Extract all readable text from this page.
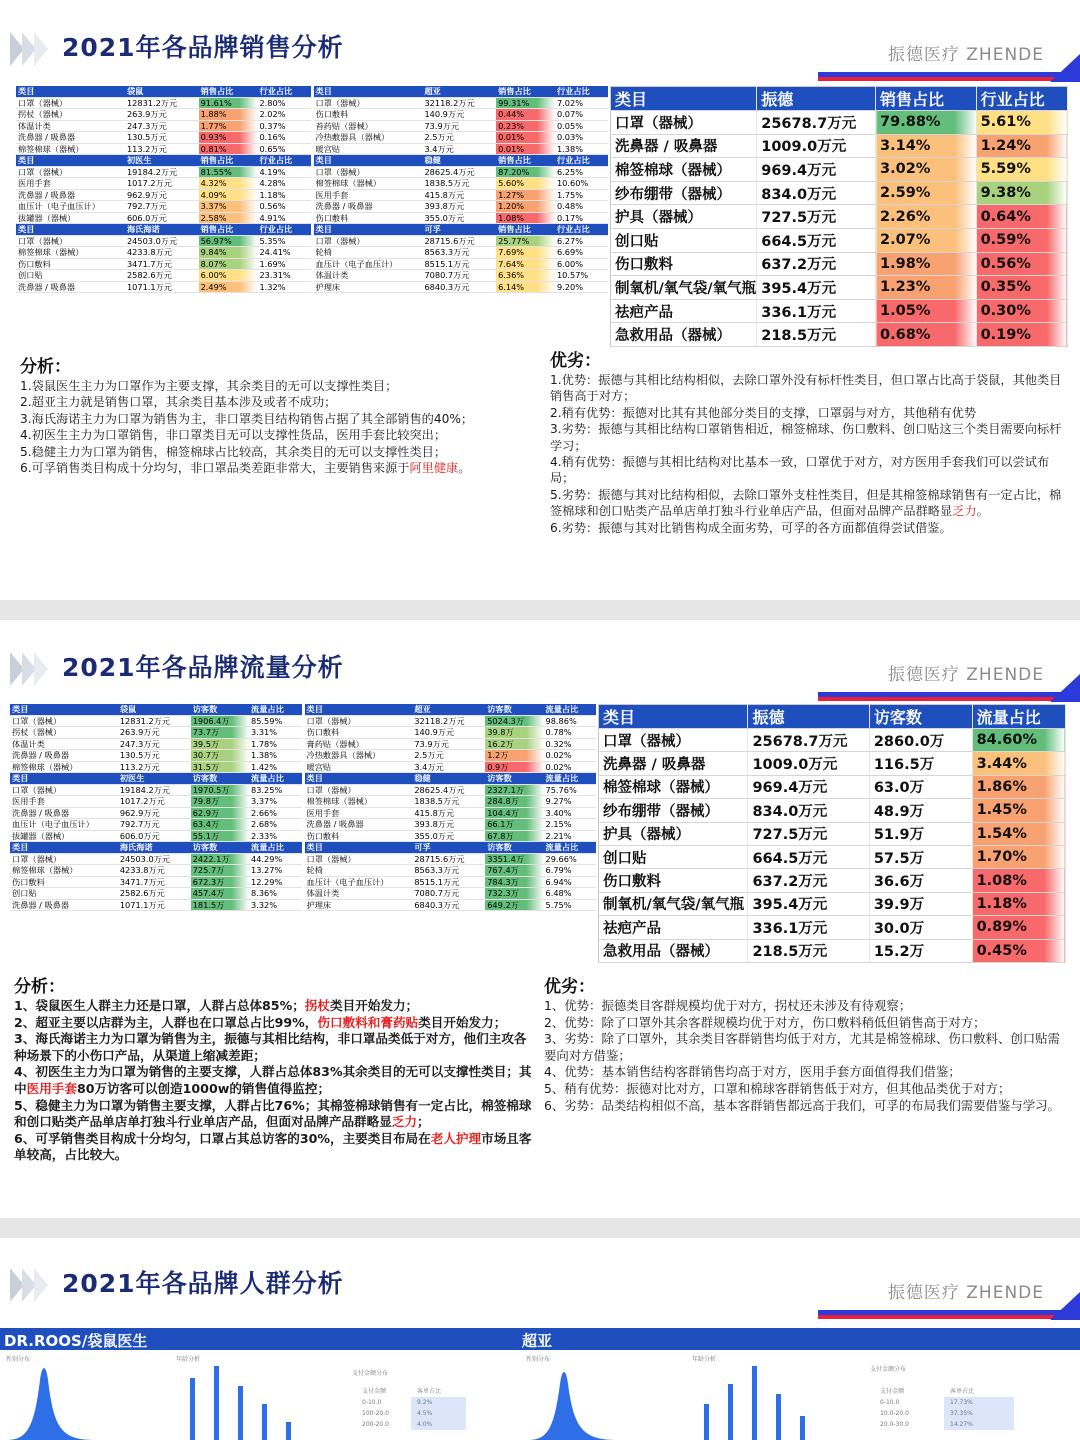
2021年各品牌销售分析	振德医疗 ZHENDE
类目	袋鼠	销售占比	行业占比
口罩（器械）	12831.2万元	91.61%	2.80%
拐杖（器械）	263.9万元	1.88%	2.02%
体温计类	247.3万元	1.77%	0.37%
洗鼻器 / 吸鼻器	130.5万元	0.93%	0.16%
棉签棉球（器械）	113.2万元	0.81%	0.65%
类目	超亚	销售占比	行业占比
口罩（器械）	32118.2万元	99.31%	7.02%
伤口敷料	140.9万元	0.44%	0.07%
苔药贴（器械）	73.9万元	0.23%	0.05%
冷热敷器具（器械）	2.5万元	0.01%	0.03%
暖宫贴	3.4万元	0.01%	1.38%
类目	初医生	销售占比	行业占比
口罩（器械）	19184.2万元	81.55%	4.19%
医用手套	1017.2万元	4.32%	4.28%
洗鼻器 / 吸鼻器	962.9万元	4.09%	1.18%
血压计（电子血压计）	792.7万元	3.37%	0.56%
拔罐器（器械）	606.0万元	2.58%	4.91%
类目	稳健	销售占比	行业占比
口罩（器械）	28625.4万元	87.20%	6.25%
棉签棉球（器械）	1838.5万元	5.60%	10.60%
医用手套	415.8万元	1.27%	1.75%
洗鼻器 / 吸鼻器	393.8万元	1.20%	0.48%
伤口敷料	355.0万元	1.08%	0.17%
类目	海氏海诺	销售占比	行业占比
口罩（器械）	24503.0万元	56.97%	5.35%
棉签棉球（器械）	4233.8万元	9.84%	24.41%
伤口敷料	3471.7万元	8.07%	1.69%
创口贴	2582.6万元	6.00%	23.31%
洗鼻器 / 吸鼻器	1071.1万元	2.49%	1.32%
类目	可孚	销售占比	行业占比
口罩（器械）	28715.6万元	25.77%	6.27%
轮椅	8563.3万元	7.69%	6.69%
血压计（电子血压计）	8515.1万元	7.64%	6.00%
体温计类	7080.7万元	6.36%	10.57%
护理床	6840.3万元	6.14%	9.20%
类目	振德	销售占比	行业占比
口罩（器械）	25678.7万元	79.88%	5.61%
洗鼻器 / 吸鼻器	1009.0万元	3.14%	1.24%
棉签棉球（器械）	969.4万元	3.02%	5.59%
纱布绷带（器械）	834.0万元	2.59%	9.38%
护具（器械）	727.5万元	2.26%	0.64%
创口贴	664.5万元	2.07%	0.59%
伤口敷料	637.2万元	1.98%	0.56%
制氧机/氧气袋/氧气瓶	395.4万元	1.23%	0.35%
祛疤产品	336.1万元	1.05%	0.30%
急救用品（器械）	218.5万元	0.68%	0.19%
分析：

1.袋鼠医生主力为口罩作为主要支撑，其余类目的无可以支撑性类目；

2.超亚主力就是销售口罩，其余类目基本涉及或者不成功；

3.海氏海诺主力为口罩为销售为主，非口罩类目结构销售占据了其全部销售的40%；

4.初医生主力为口罩销售，非口罩类目无可以支撑性货品，医用手套比较突出；

5.稳健主力为口罩为销售，棉签棉球占比较高，其余类目的无可以支撑性类目；

6.可孚销售类目构成十分均匀，非口罩品类差距非常大，主要销售来源于阿里健康。

优劣：

1.优势：振德与其相比结构相似，去除口罩外没有标杆性类目，但口罩占比高于袋鼠，其他类目销售高于对方；

2.稍有优势：振德对比其有其他部分类目的支撑，口罩弱与对方，其他稍有优势

3.劣势：振德与其相比结构口罩销售相近，棉签棉球、伤口敷料、创口贴这三个类目需要向标杆学习；

4.稍有优势：振德与其相比结构对比基本一致，口罩优于对方，对方医用手套我们可以尝试布局；

5.劣势：振德与其对比结构相似，去除口罩外支柱性类目，但是其棉签棉球销售有一定占比，棉签棉球和创口贴类产品单店单打独斗行业单店产品，但面对品牌产品群略显乏力。

6.劣势：振德与其对比销售构成全面劣势，可孚的各方面都值得尝试借鉴。

2021年各品牌流量分析	振德医疗 ZHENDE
类目	袋鼠	访客数	流量占比
口罩（器械）	12831.2万元	1906.4万	85.59%
拐杖（器械）	263.9万元	73.7万	3.31%
体温计类	247.3万元	39.5万	1.78%
洗鼻器 / 吸鼻器	130.5万元	30.7万	1.38%
棉签棉球（器械）	113.2万元	31.5万	1.42%
类目	超亚	访客数	流量占比
口罩（器械）	32118.2万元	5024.3万	98.86%
伤口敷料	140.9万元	39.8万	0.78%
膏药贴（器械）	73.9万元	16.2万	0.32%
冷热敷器具（器械）	2.5万元	1.2万	0.02%
暖宫贴	3.4万元	0.9万	0.02%
类目	初医生	访客数	流量占比
口罩（器械）	19184.2万元	1970.5万	83.25%
医用手套	1017.2万元	79.8万	3.37%
洗鼻器 / 吸鼻器	962.9万元	62.9万	2.66%
血压计（电子血压计）	792.7万元	63.4万	2.68%
拔罐器（器械）	606.0万元	55.1万	2.33%
类目	稳健	访客数	流量占比
口罩（器械）	28625.4万元	2327.1万	75.76%
棉签棉球（器械）	1838.5万元	284.8万	9.27%
医用手套	415.8万元	104.4万	3.40%
洗鼻器 / 吸鼻器	393.8万元	66.1万	2.15%
伤口敷料	355.0万元	67.8万	2.21%
类目	海氏海诺	访客数	流量占比
口罩（器械）	24503.0万元	2422.1万	44.29%
棉签棉球（器械）	4233.8万元	725.7万	13.27%
伤口敷料	3471.7万元	672.3万	12.29%
创口贴	2582.6万元	457.4万	8.36%
洗鼻器 / 吸鼻器	1071.1万元	181.5万	3.32%
类目	可孚	访客数	流量占比
口罩（器械）	28715.6万元	3351.4万	29.66%
轮椅	8563.3万元	767.4万	6.79%
血压计（电子血压计）	8515.1万元	784.3万	6.94%
体温计类	7080.7万元	732.3万	6.48%
护理床	6840.3万元	649.2万	5.75%
类目	振德	访客数	流量占比
口罩（器械）	25678.7万元	2860.0万	84.60%
洗鼻器 / 吸鼻器	1009.0万元	116.5万	3.44%
棉签棉球（器械）	969.4万元	63.0万	1.86%
纱布绷带（器械）	834.0万元	48.9万	1.45%
护具（器械）	727.5万元	51.9万	1.54%
创口贴	664.5万元	57.5万	1.70%
伤口敷料	637.2万元	36.6万	1.08%
制氧机/氧气袋/氧气瓶	395.4万元	39.9万	1.18%
祛疤产品	336.1万元	30.0万	0.89%
急救用品（器械）	218.5万元	15.2万	0.45%
分析：

1、袋鼠医生人群主力还是口罩，人群占总体85%；拐杖类目开始发力；

2、超亚主要以店群为主，人群也在口罩总占比99%，伤口敷料和膏药贴类目开始发力；

3、海氏海诺主力为口罩为销售为主，振德与其相比结构，非口罩品类低于对方，他们主攻各种场景下的小伤口产品，从渠道上缩减差距；

4、初医生主力为口罩为销售的主要支撑，人群占总体83%其余类目的无可以支撑性类目；其中医用手套80万访客可以创造1000w的销售值得监控；

5、稳健主力为口罩为销售主要支撑，人群占比76%；其棉签棉球销售有一定占比，棉签棉球和创口贴类产品单店单打独斗行业单店产品，但面对品牌产品群略显乏力；

6、可孚销售类目构成十分均匀，口罩占其总访客的30%，主要类目布局在老人护理市场且客单较高，占比较大。

优劣：

1、优势：振德类目客群规模均优于对方，拐杖还未涉及有待观察；

2、优势：除了口罩外其余客群规模均优于对方，伤口敷料稍低但销售高于对方；

3、劣势：除了口罩外，其余类目客群销售均低于对方，尤其是棉签棉球、伤口敷料、创口贴需要向对方借鉴；

4、优势：基本销售结构客群销售均高于对方，医用手套方面值得我们借鉴；

5、稍有优势：振德对比对方，口罩和棉球客群销售低于对方，但其他品类优于对方；

6、劣势：品类结构相似不高，基本客群销售都远高于我们，可孚的布局我们需要借鉴与学习。

2021年各品牌人群分析	振德医疗 ZHENDE
DR.ROOS/袋鼠医生	超亚
性别分布	年龄分析
支付金额分布
性别分布	年龄分析
支付金额分布
支付金额	客单占比
0-10.0	9.2%
100-20.0	4.5%
200-20.0	4.0%
支付金额	客单占比
0-10.0	17.73%
10.0-20.0	37.35%
20.0-30.0	14.27%
